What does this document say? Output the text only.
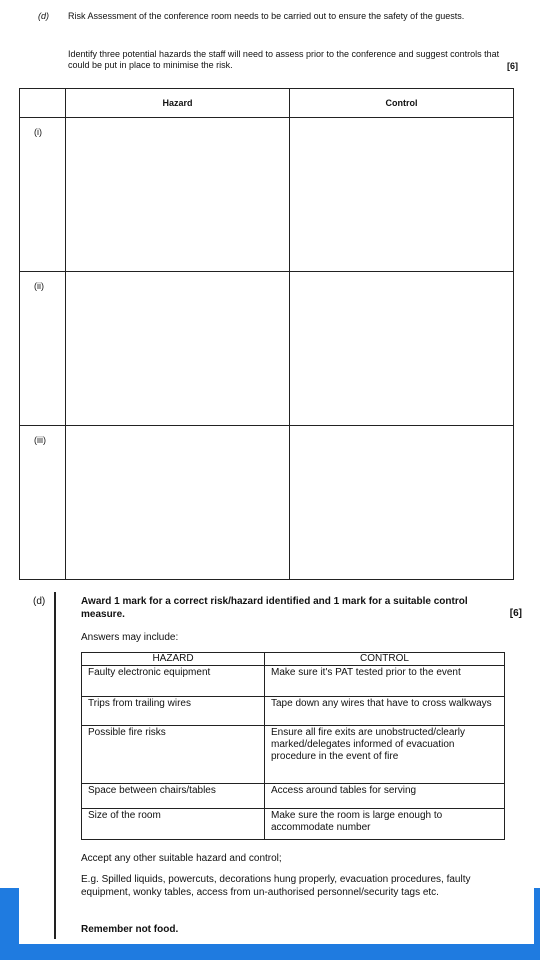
(d) Risk Assessment of the conference room needs to be carried out to ensure the safety of the guests.
Identify three potential hazards the staff will need to assess prior to the conference and suggest controls that could be put in place to minimise the risk.	[6]
	Hazard	Control

(i)		

(ii)		

(iii)		

(d)	Award 1 mark for a correct risk/hazard identified and 1 mark for a suitable control measure.	[6]
Answers may include:
HAZARD	CONTROL
Faulty electronic equipment	Make sure it's PAT tested prior to the event
Trips from trailing wires	Tape down any wires that have to cross walkways
Possible fire risks	Ensure all fire exits are unobstructed/clearly marked/delegates informed of evacuation procedure in the event of fire
Space between chairs/tables	Access around tables for serving
Size of the room	Make sure the room is large enough to accommodate number
Accept any other suitable hazard and control;
E.g. Spilled liquids, powercuts, decorations hung properly, evacuation procedures, faulty equipment, wonky tables, access from un-authorised personnel/security tags etc.
Remember not food.
